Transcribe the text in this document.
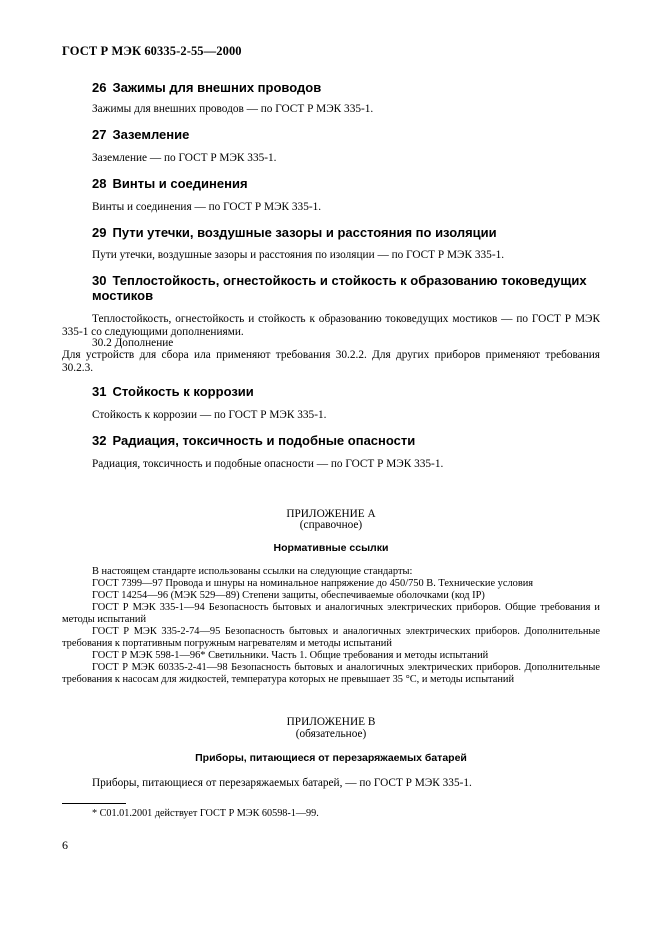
ГОСТ Р МЭК 60335-2-55—2000
26 Зажимы для внешних проводов

Зажимы для внешних проводов — по ГОСТ Р МЭК 335-1.

27 Заземление

Заземление — по ГОСТ Р МЭК 335-1.

28 Винты и соединения

Винты и соединения — по ГОСТ Р МЭК 335-1.

29 Пути утечки, воздушные зазоры и расстояния по изоляции

Пути утечки, воздушные зазоры и расстояния по изоляции — по ГОСТ Р МЭК 335-1.

30 Теплостойкость, огнестойкость и стойкость к образованию токоведущих
мостиков

Теплостойкость, огнестойкость и стойкость к образованию токоведущих мостиков — по ГОСТ Р МЭК 335-1 со следующими дополнениями.

30.2 Дополнение

Для устройств для сбора ила применяют требования 30.2.2. Для других приборов применяют требования 30.2.3.

31 Стойкость к коррозии

Стойкость к коррозии — по ГОСТ Р МЭК 335-1.

32 Радиация, токсичность и подобные опасности

Радиация, токсичность и подобные опасности — по ГОСТ Р МЭК 335-1.

ПРИЛОЖЕНИЕ А
(справочное)
Нормативные ссылки

В настоящем стандарте использованы ссылки на следующие стандарты:

ГОСТ 7399—97 Провода и шнуры на номинальное напряжение до 450/750 В. Технические условия

ГОСТ 14254—96 (МЭК 529—89) Степени защиты, обеспечиваемые оболочками (код IP)

ГОСТ Р МЭК 335-1—94 Безопасность бытовых и аналогичных электрических приборов. Общие требования и методы испытаний

ГОСТ Р МЭК 335-2-74—95 Безопасность бытовых и аналогичных электрических приборов. Дополнительные требования к портативным погружным нагревателям и методы испытаний

ГОСТ Р МЭК 598-1—96* Светильники. Часть 1. Общие требования и методы испытаний

ГОСТ Р МЭК 60335-2-41—98 Безопасность бытовых и аналогичных электрических приборов. Дополнительные требования к насосам для жидкостей, температура которых не превышает 35 °С, и методы испытаний

ПРИЛОЖЕНИЕ В
(обязательное)
Приборы, питающиеся от перезаряжаемых батарей

Приборы, питающиеся от перезаряжаемых батарей, — по ГОСТ Р МЭК 335-1.

* С01.01.2001 действует ГОСТ Р МЭК 60598-1—99.
6
